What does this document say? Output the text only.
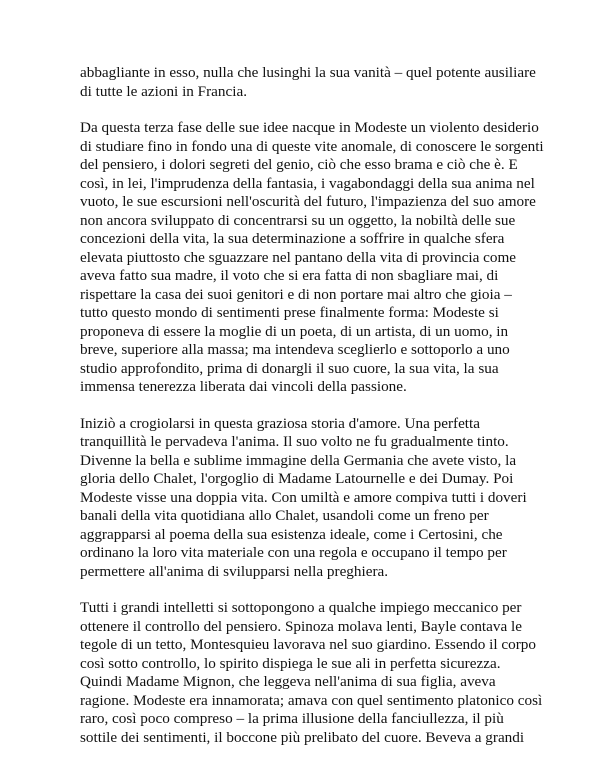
abbagliante in esso, nulla che lusinghi la sua vanità – quel potente ausiliare
di tutte le azioni in Francia.

Da questa terza fase delle sue idee nacque in Modeste un violento desiderio
di studiare fino in fondo una di queste vite anomale, di conoscere le sorgenti
del pensiero, i dolori segreti del genio, ciò che esso brama e ciò che è. E
così, in lei, l'imprudenza della fantasia, i vagabondaggi della sua anima nel
vuoto, le sue escursioni nell'oscurità del futuro, l'impazienza del suo amore
non ancora sviluppato di concentrarsi su un oggetto, la nobiltà delle sue
concezioni della vita, la sua determinazione a soffrire in qualche sfera
elevata piuttosto che sguazzare nel pantano della vita di provincia come
aveva fatto sua madre, il voto che si era fatta di non sbagliare mai, di
rispettare la casa dei suoi genitori e di non portare mai altro che gioia –
tutto questo mondo di sentimenti prese finalmente forma: Modeste si
proponeva di essere la moglie di un poeta, di un artista, di un uomo, in
breve, superiore alla massa; ma intendeva sceglierlo e sottoporlo a uno
studio approfondito, prima di donargli il suo cuore, la sua vita, la sua
immensa tenerezza liberata dai vincoli della passione.

Iniziò a crogiolarsi in questa graziosa storia d'amore. Una perfetta
tranquillità le pervadeva l'anima. Il suo volto ne fu gradualmente tinto.
Divenne la bella e sublime immagine della Germania che avete visto, la
gloria dello Chalet, l'orgoglio di Madame Latournelle e dei Dumay. Poi
Modeste visse una doppia vita. Con umiltà e amore compiva tutti i doveri
banali della vita quotidiana allo Chalet, usandoli come un freno per
aggrapparsi al poema della sua esistenza ideale, come i Certosini, che
ordinano la loro vita materiale con una regola e occupano il tempo per
permettere all'anima di svilupparsi nella preghiera.

Tutti i grandi intelletti si sottopongono a qualche impiego meccanico per
ottenere il controllo del pensiero. Spinoza molava lenti, Bayle contava le
tegole di un tetto, Montesquieu lavorava nel suo giardino. Essendo il corpo
così sotto controllo, lo spirito dispiega le sue ali in perfetta sicurezza.
Quindi Madame Mignon, che leggeva nell'anima di sua figlia, aveva
ragione. Modeste era innamorata; amava con quel sentimento platonico così
raro, così poco compreso – la prima illusione della fanciullezza, il più
sottile dei sentimenti, il boccone più prelibato del cuore. Beveva a grandi
